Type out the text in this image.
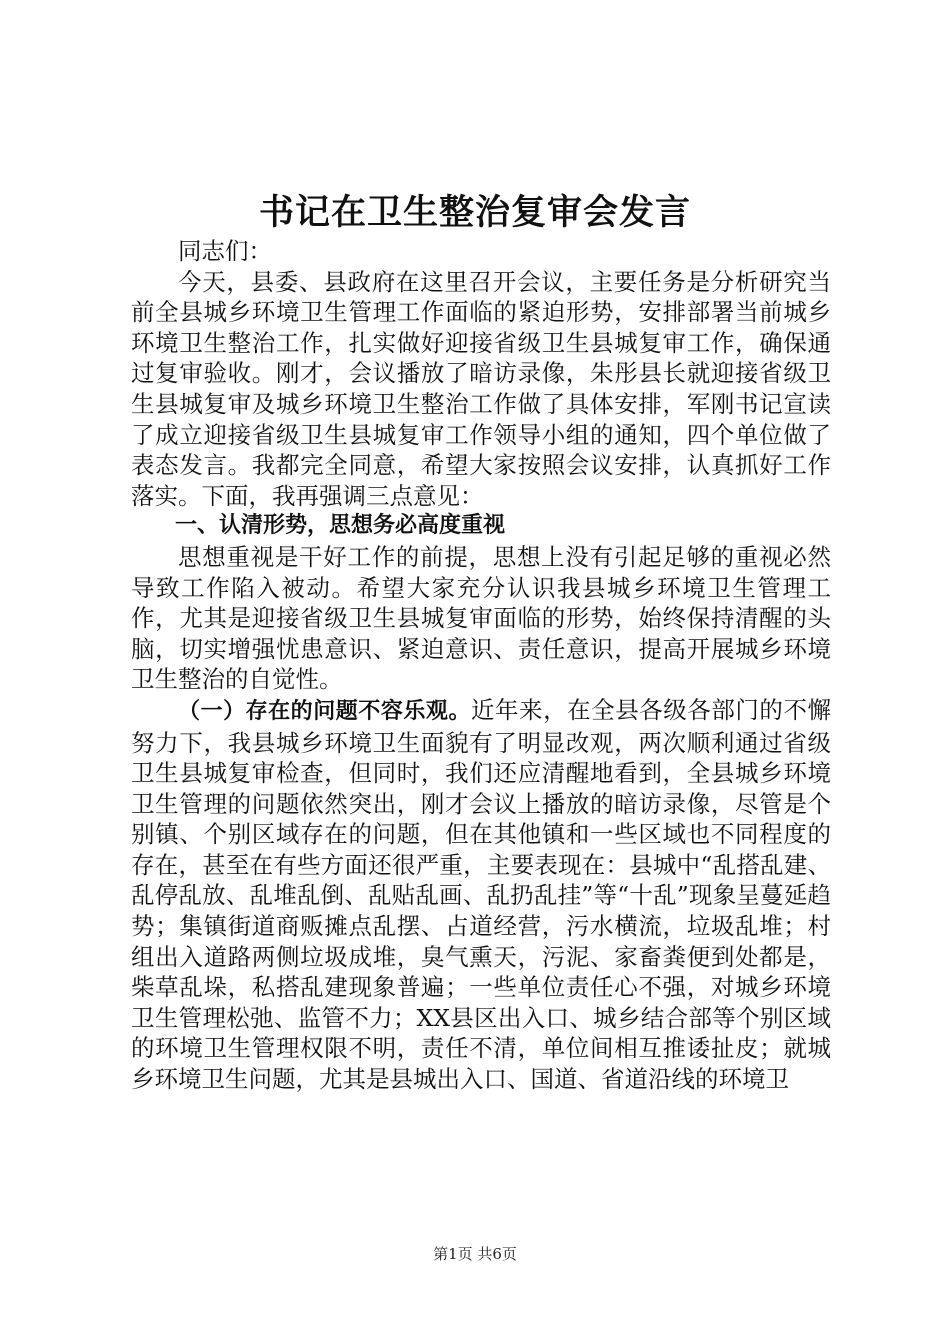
书记在卫生整治复审会发言

同志们：

今天，县委、县政府在这里召开会议，主要任务是分析研究当前全县城乡环境卫生管理工作面临的紧迫形势，安排部署当前城乡环境卫生整治工作，扎实做好迎接省级卫生县城复审工作，确保通过复审验收。刚才，会议播放了暗访录像，朱彤县长就迎接省级卫生县城复审及城乡环境卫生整治工作做了具体安排，军刚书记宣读了成立迎接省级卫生县城复审工作领导小组的通知，四个单位做了表态发言。我都完全同意，希望大家按照会议安排，认真抓好工作落实。下面，我再强调三点意见：

一、认清形势，思想务必高度重视

思想重视是干好工作的前提，思想上没有引起足够的重视必然导致工作陷入被动。希望大家充分认识我县城乡环境卫生管理工作，尤其是迎接省级卫生县城复审面临的形势，始终保持清醒的头脑，切实增强忧患意识、紧迫意识、责任意识，提高开展城乡环境卫生整治的自觉性。

（一）存在的问题不容乐观。近年来，在全县各级各部门的不懈努力下，我县城乡环境卫生面貌有了明显改观，两次顺利通过省级卫生县城复审检查，但同时，我们还应清醒地看到，全县城乡环境卫生管理的问题依然突出，刚才会议上播放的暗访录像，尽管是个别镇、个别区域存在的问题，但在其他镇和一些区域也不同程度的存在，甚至在有些方面还很严重，主要表现在：县城中“乱搭乱建、乱停乱放、乱堆乱倒、乱贴乱画、乱扔乱挂”等“十乱”现象呈蔓延趋势；集镇街道商贩摊点乱摆、占道经营，污水横流，垃圾乱堆；村组出入道路两侧垃圾成堆，臭气熏天，污泥、家畜粪便到处都是，柴草乱垛，私搭乱建现象普遍；一些单位责任心不强，对城乡环境卫生管理松弛、监管不力；XX县区出入口、城乡结合部等个别区域的环境卫生管理权限不明，责任不清，单位间相互推诿扯皮；就城乡环境卫生问题，尤其是县城出入口、国道、省道沿线的环境卫

第1页 共6页
